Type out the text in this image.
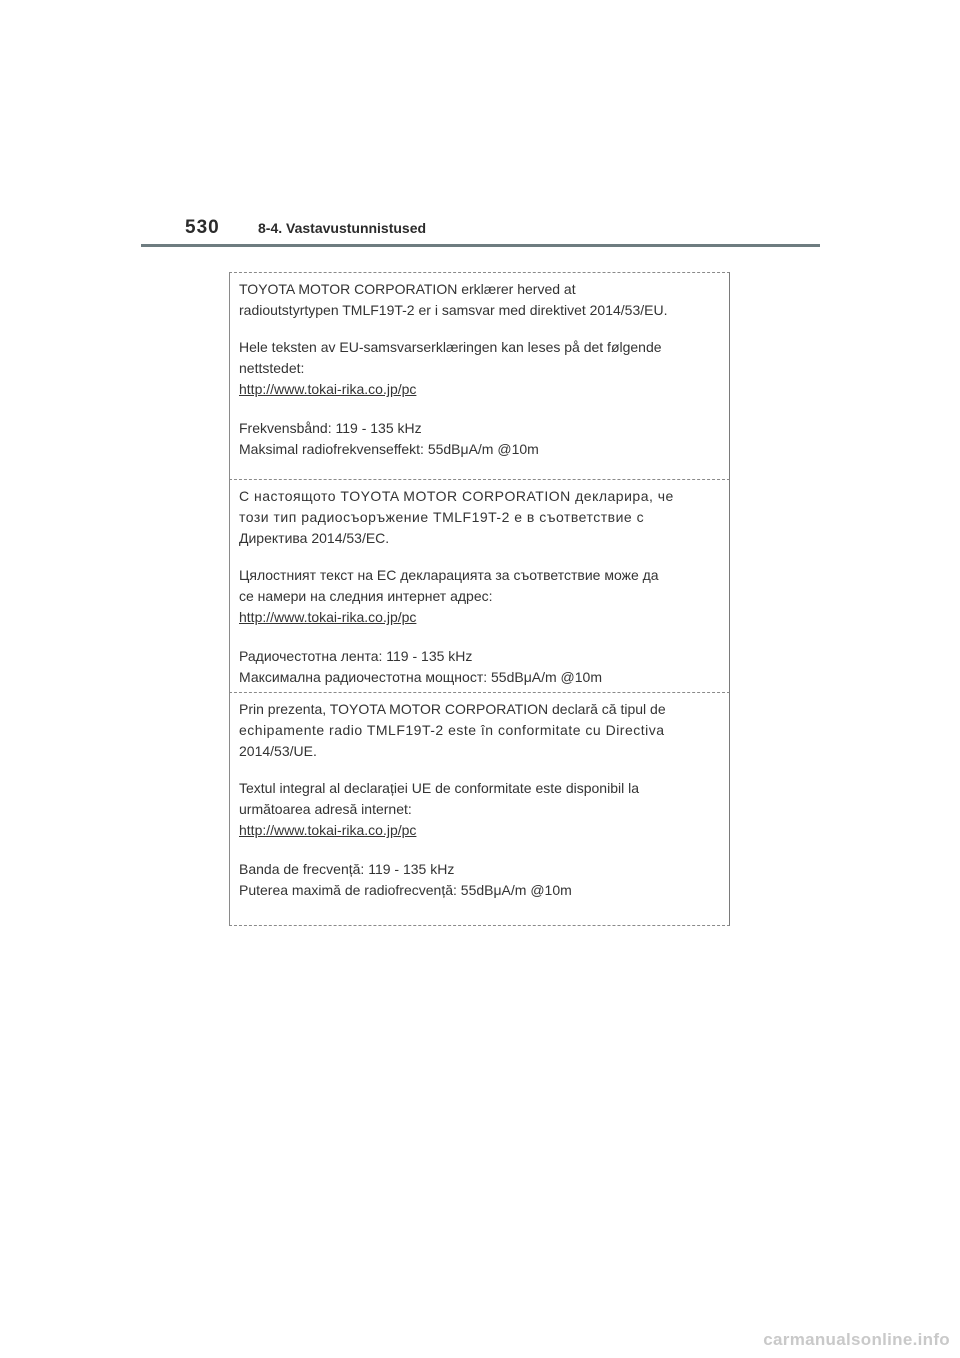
530	8-4. Vastavustunnistused

TOYOTA MOTOR CORPORATION erklærer herved at

radioutstyrtypen TMLF19T-2 er i samsvar med direktivet 2014/53/EU.

Hele teksten av EU-samsvarserklæringen kan leses på det følgende

nettstedet:

http://www.tokai-rika.co.jp/pc

Frekvensbånd: 119 - 135 kHz

Maksimal radiofrekvenseffekt: 55dBμA/m @10m

С настоящото TOYOTA MOTOR CORPORATION декларира, че

този тип радиосъоръжение TMLF19T-2 е в съответствие с

Директива 2014/53/ЕС.

Цялостният текст на ЕС декларацията за съответствие може да

се намери на следния интернет адрес:

http://www.tokai-rika.co.jp/pc

Радиочестотна лента: 119 - 135 kHz

Максимална радиочестотна мощност: 55dBμA/m @10m

Prin prezenta, TOYOTA MOTOR CORPORATION declară că tipul de

echipamente radio TMLF19T-2 este în conformitate cu Directiva

2014/53/UE.

Textul integral al declarației UE de conformitate este disponibil la

următoarea adresă internet:

http://www.tokai-rika.co.jp/pc

Banda de frecvență: 119 - 135 kHz

Puterea maximă de radiofrecvență: 55dBμA/m @10m

carmanualsonline.info
